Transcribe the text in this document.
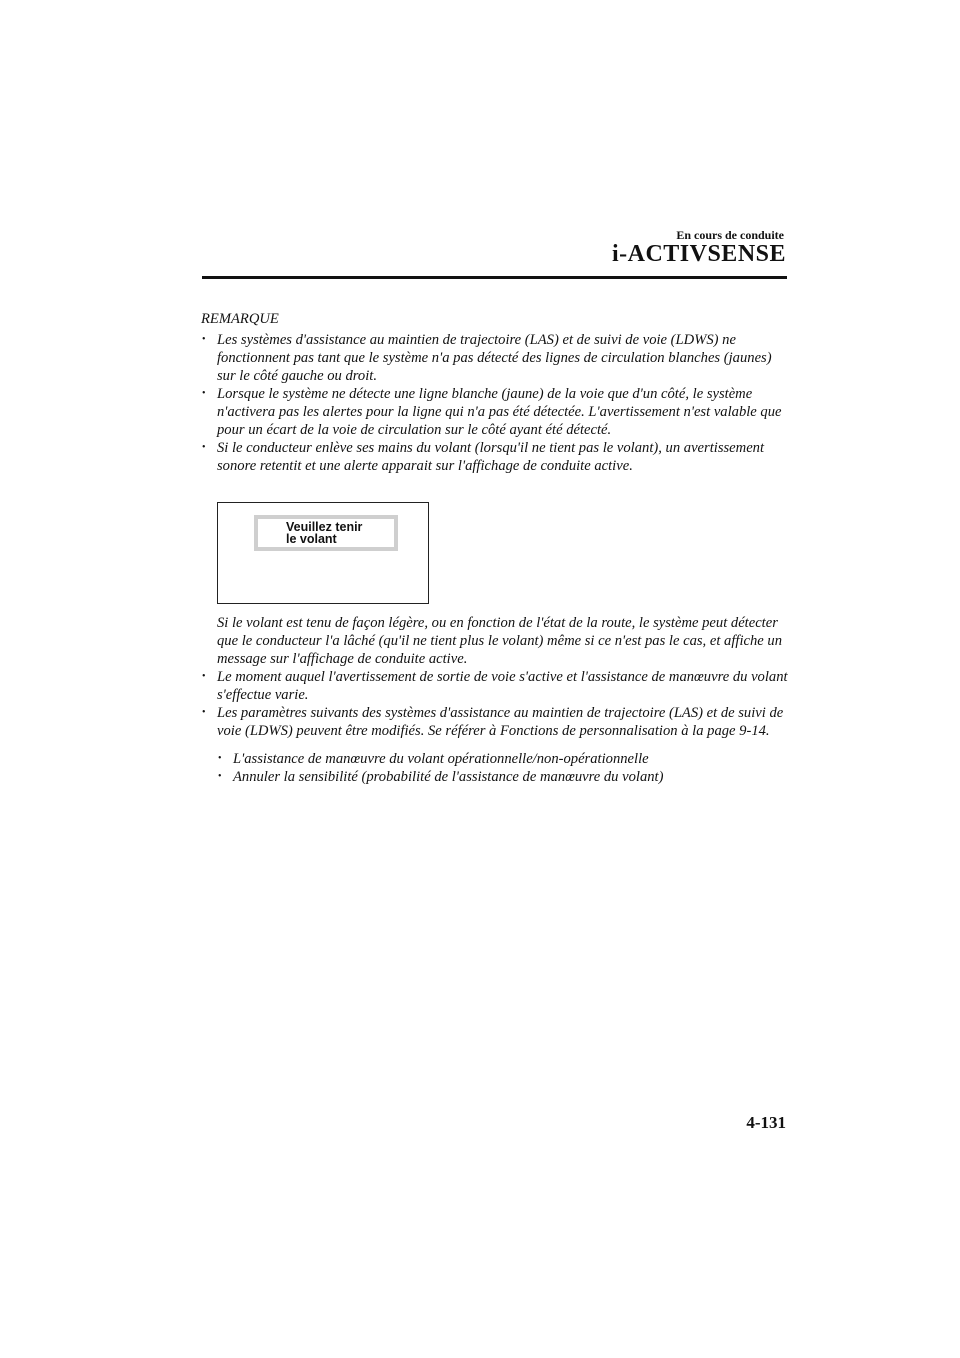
En cours de conduite
i-ACTIVSENSE
REMARQUE
• Les systèmes d'assistance au maintien de trajectoire (LAS) et de suivi de voie (LDWS) ne fonctionnent pas tant que le système n'a pas détecté des lignes de circulation blanches (jaunes) sur le côté gauche ou droit.
• Lorsque le système ne détecte une ligne blanche (jaune) de la voie que d'un côté, le système n'activera pas les alertes pour la ligne qui n'a pas été détectée. L'avertissement n'est valable que pour un écart de la voie de circulation sur le côté ayant été détecté.
• Si le conducteur enlève ses mains du volant (lorsqu'il ne tient pas le volant), un avertissement sonore retentit et une alerte apparait sur l'affichage de conduite active.
Veuillez tenir
le volant

Si le volant est tenu de façon légère, ou en fonction de l'état de la route, le système peut détecter que le conducteur l'a lâché (qu'il ne tient plus le volant) même si ce n'est pas le cas, et affiche un message sur l'affichage de conduite active.

• Le moment auquel l'avertissement de sortie de voie s'active et l'assistance de manœuvre du volant s'effectue varie.
• Les paramètres suivants des systèmes d'assistance au maintien de trajectoire (LAS) et de suivi de voie (LDWS) peuvent être modifiés. Se référer à Fonctions de personnalisation à la page 9-14.
• L'assistance de manœuvre du volant opérationnelle/non-opérationnelle
• Annuler la sensibilité (probabilité de l'assistance de manœuvre du volant)
4-131
